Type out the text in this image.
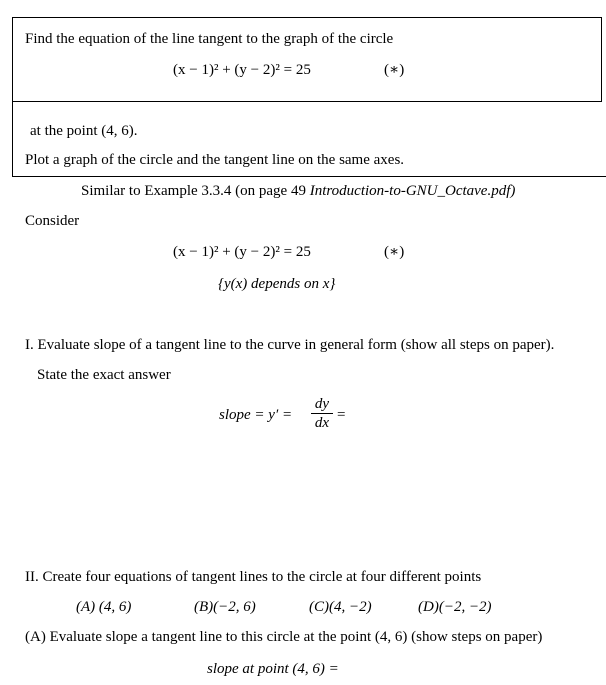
Find the equation of the line tangent to the graph of the circle
(x − 1)² + (y − 2)² = 25	(∗)
at the point (4, 6).
Plot a graph of the circle and the tangent line on the same axes.
Similar to Example 3.3.4 (on page 49 Introduction-to-GNU_Octave.pdf)
Consider
(x − 1)² + (y − 2)² = 25	(∗)
{y(x) depends on x}
I. Evaluate slope of a tangent line to the curve in general form (show all steps on paper).
State the exact answer
slope = y′ =
dy
dx =
II. Create four equations of tangent lines to the circle at four different points
(A) (4, 6)	(B)(−2, 6)	(C)(4, −2)	(D)(−2, −2)
(A) Evaluate slope a tangent line to this circle at the point (4, 6) (show steps on paper)
slope at point (4, 6) =
